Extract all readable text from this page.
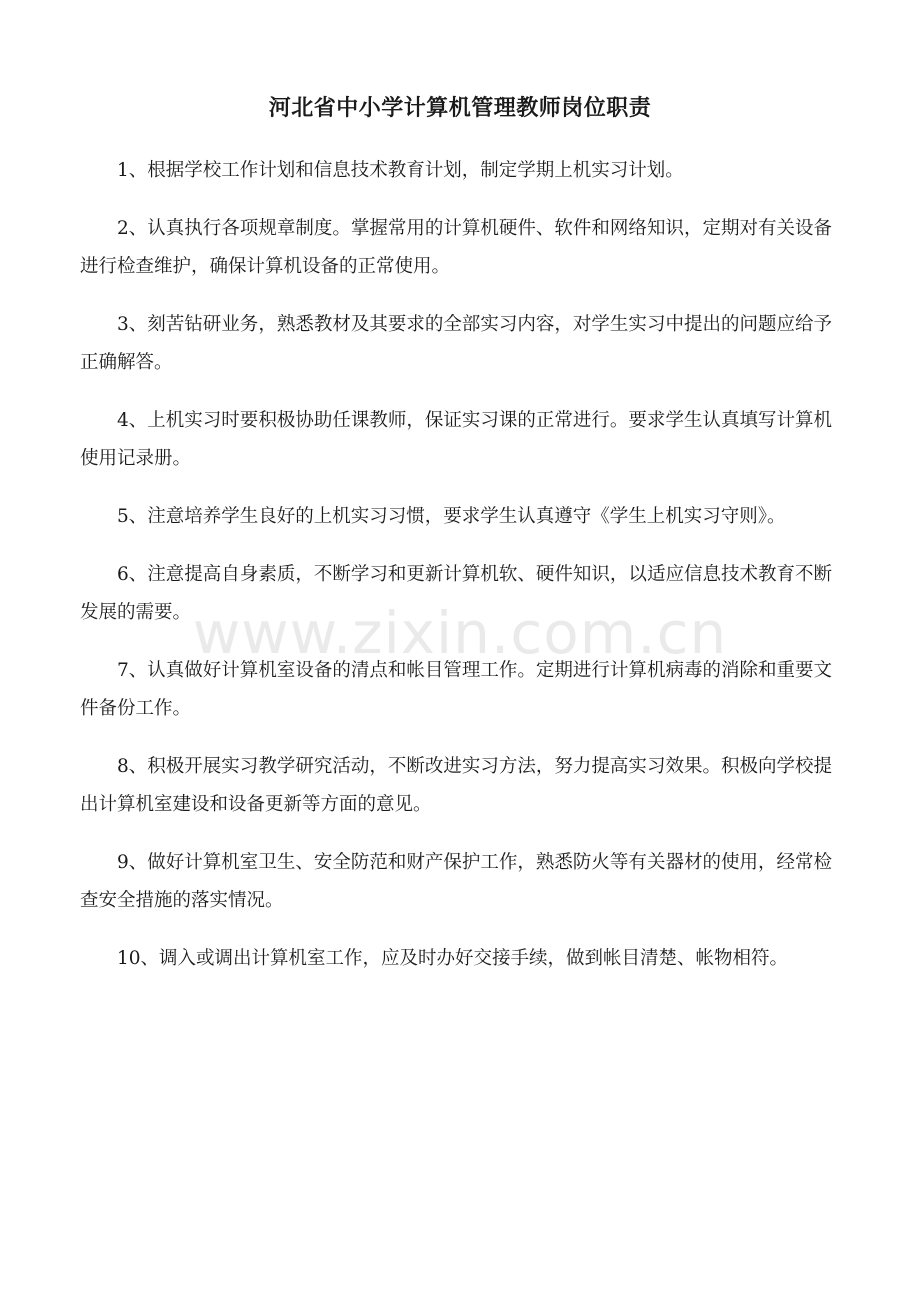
河北省中小学计算机管理教师岗位职责

1、根据学校工作计划和信息技术教育计划，制定学期上机实习计划。

2、认真执行各项规章制度。掌握常用的计算机硬件、软件和网络知识，定期对有关设备进行检查维护，确保计算机设备的正常使用。

3、刻苦钻研业务，熟悉教材及其要求的全部实习内容，对学生实习中提出的问题应给予正确解答。

4、上机实习时要积极协助任课教师，保证实习课的正常进行。要求学生认真填写计算机使用记录册。

5、注意培养学生良好的上机实习习惯，要求学生认真遵守《学生上机实习守则》。

6、注意提高自身素质，不断学习和更新计算机软、硬件知识，以适应信息技术教育不断发展的需要。

7、认真做好计算机室设备的清点和帐目管理工作。定期进行计算机病毒的消除和重要文件备份工作。

8、积极开展实习教学研究活动，不断改进实习方法，努力提高实习效果。积极向学校提出计算机室建设和设备更新等方面的意见。

9、做好计算机室卫生、安全防范和财产保护工作，熟悉防火等有关器材的使用，经常检查安全措施的落实情况。

10、调入或调出计算机室工作，应及时办好交接手续，做到帐目清楚、帐物相符。

www.zixin.com.cn
